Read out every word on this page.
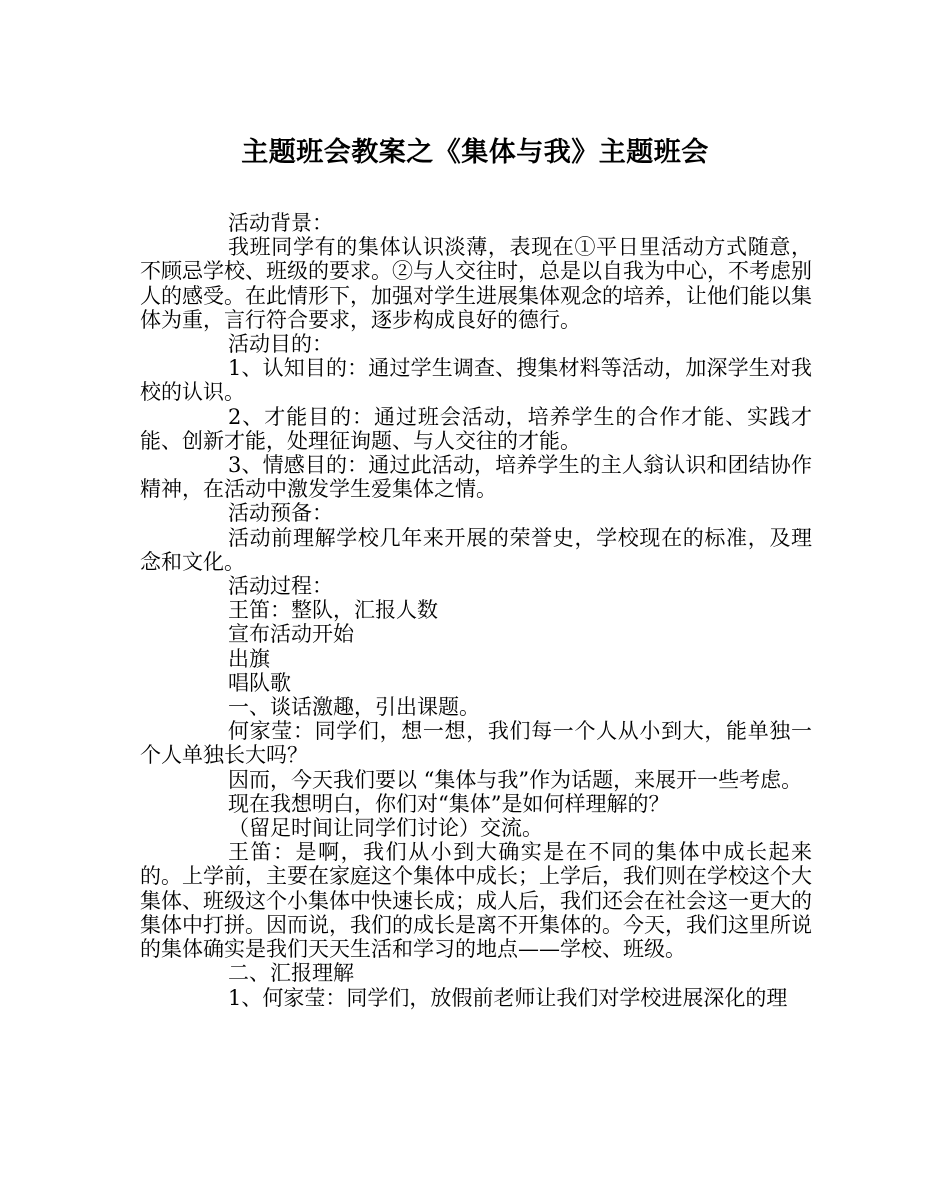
主题班会教案之《集体与我》主题班会

活动背景：

我班同学有的集体认识淡薄，表现在①平日里活动方式随意，不顾忌学校、班级的要求。②与人交往时，总是以自我为中心，不考虑别人的感受。在此情形下，加强对学生进展集体观念的培养，让他们能以集体为重，言行符合要求，逐步构成良好的德行。

活动目的：

1、认知目的：通过学生调查、搜集材料等活动，加深学生对我校的认识。

2、才能目的：通过班会活动，培养学生的合作才能、实践才能、创新才能，处理征询题、与人交往的才能。

3、情感目的：通过此活动，培养学生的主人翁认识和团结协作精神，在活动中激发学生爱集体之情。

活动预备：

活动前理解学校几年来开展的荣誉史，学校现在的标准，及理念和文化。

活动过程：

王笛：整队，汇报人数

宣布活动开始

出旗

唱队歌

一、谈话激趣，引出课题。

何家莹：同学们，想一想，我们每一个人从小到大，能单独一个人单独长大吗？

因而，今天我们要以 “集体与我”作为话题，来展开一些考虑。

现在我想明白，你们对“集体”是如何样理解的？

（留足时间让同学们讨论）交流。

王笛：是啊，我们从小到大确实是在不同的集体中成长起来的。上学前，主要在家庭这个集体中成长；上学后，我们则在学校这个大集体、班级这个小集体中快速长成；成人后，我们还会在社会这一更大的集体中打拼。因而说，我们的成长是离不开集体的。今天，我们这里所说的集体确实是我们天天生活和学习的地点——学校、班级。

二、汇报理解

1、何家莹：同学们，放假前老师让我们对学校进展深化的理
